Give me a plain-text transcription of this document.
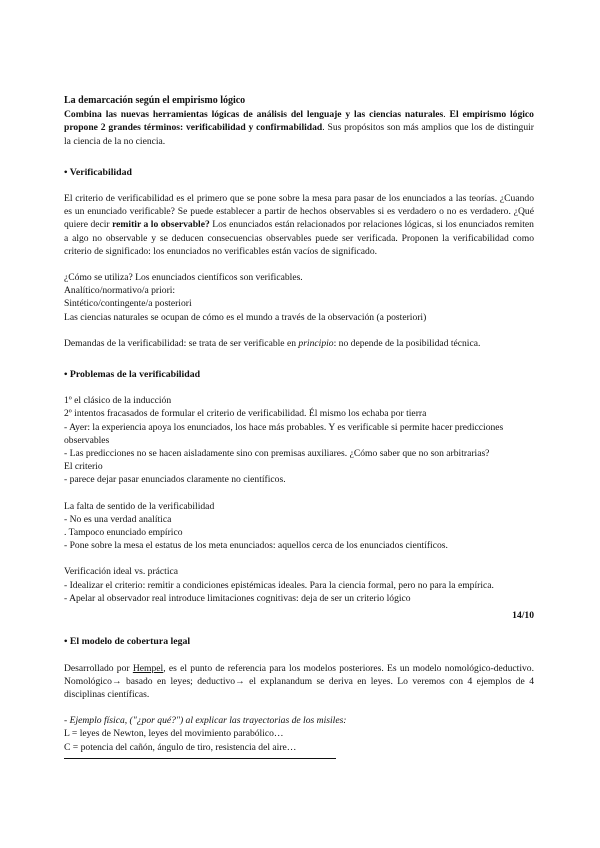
La demarcación según el empirismo lógico

Combina las nuevas herramientas lógicas de análisis del lenguaje y las ciencias naturales. El empirismo lógico propone 2 grandes términos: verificabilidad y confirmabilidad. Sus propósitos son más amplios que los de distinguir la ciencia de la no ciencia.

• Verificabilidad

El criterio de verificabilidad es el primero que se pone sobre la mesa para pasar de los enunciados a las teorías. ¿Cuando es un enunciado verificable? Se puede establecer a partir de hechos observables si es verdadero o no es verdadero. ¿Qué quiere decir remitir a lo observable? Los enunciados están relacionados por relaciones lógicas, si los enunciados remiten a algo no observable y se deducen consecuencias observables puede ser verificada. Proponen la verificabilidad como criterio de significado: los enunciados no verificables están vacíos de significado.

¿Cómo se utiliza? Los enunciados científicos son verificables.

Analítico/normativo/a priori:

Sintético/contingente/a posteriori

Las ciencias naturales se ocupan de cómo es el mundo a través de la observación (a posteriori)

Demandas de la verificabilidad: se trata de ser verificable en principio: no depende de la posibilidad técnica.

• Problemas de la verificabilidad

1º el clásico de la inducción

2º intentos fracasados de formular el criterio de verificabilidad. Él mismo los echaba por tierra

- Ayer: la experiencia apoya los enunciados, los hace más probables. Y es verificable si permite hacer predicciones observables

- Las predicciones no se hacen aisladamente sino con premisas auxiliares. ¿Cómo saber que no son arbitrarias?

El criterio

- parece dejar pasar enunciados claramente no científicos.

La falta de sentido de la verificabilidad

- No es una verdad analítica

. Tampoco enunciado empírico

- Pone sobre la mesa el estatus de los meta enunciados: aquellos cerca de los enunciados científicos.

Verificación ideal vs. práctica

- Idealizar el criterio: remitir a condiciones epistémicas ideales. Para la ciencia formal, pero no para la empírica.

- Apelar al observador real introduce limitaciones cognitivas: deja de ser un criterio lógico

14/10

• El modelo de cobertura legal

Desarrollado por Hempel, es el punto de referencia para los modelos posteriores. Es un modelo nomológico-deductivo. Nomológico→ basado en leyes; deductivo→ el explanandum se deriva en leyes. Lo veremos con 4 ejemplos de 4 disciplinas científicas.

- Ejemplo física, ("¿por qué?") al explicar las trayectorias de los misiles:

L = leyes de Newton, leyes del movimiento parabólico…

C = potencia del cañón, ángulo de tiro, resistencia del aire…
